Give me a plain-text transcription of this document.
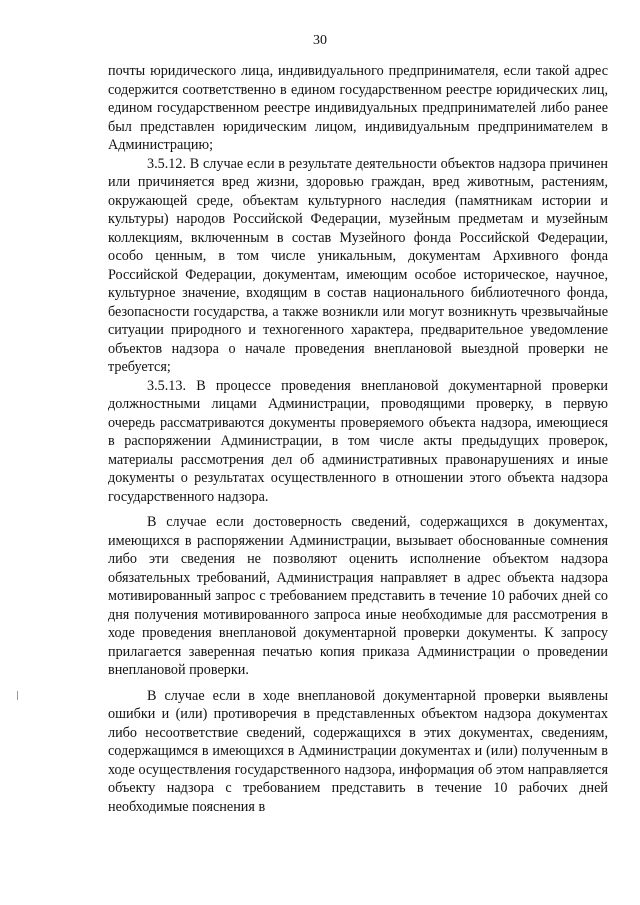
30

почты юридического лица, индивидуального предпринимателя, если такой адрес содержится соответственно в едином государственном реестре юридических лиц, едином государственном реестре индивидуальных предпринимателей либо ранее был представлен юридическим лицом, индивидуальным предпринимателем в Администрацию;

3.5.12. В случае если в результате деятельности объектов надзора причинен или причиняется вред жизни, здоровью граждан, вред животным, растениям, окружающей среде, объектам культурного наследия (памятникам истории и культуры) народов Российской Федерации, музейным предметам и музейным коллекциям, включенным в состав Музейного фонда Российской Федерации, особо ценным, в том числе уникальным, документам Архивного фонда Российской Федерации, документам, имеющим особое историческое, научное, культурное значение, входящим в состав национального библиотечного фонда, безопасности государства, а также возникли или могут возникнуть чрезвычайные ситуации природного и техногенного характера, предварительное уведомление объектов надзора о начале проведения внеплановой выездной проверки не требуется;

3.5.13. В процессе проведения внеплановой документарной проверки должностными лицами Администрации, проводящими проверку, в первую очередь рассматриваются документы проверяемого объекта надзора, имеющиеся в распоряжении Администрации, в том числе акты предыдущих проверок, материалы рассмотрения дел об административных правонарушениях и иные документы о результатах осуществленного в отношении этого объекта надзора государственного надзора.

В случае если достоверность сведений, содержащихся в документах, имеющихся в распоряжении Администрации, вызывает обоснованные сомнения либо эти сведения не позволяют оценить исполнение объектом надзора обязательных требований, Администрация направляет в адрес объекта надзора мотивированный запрос с требованием представить в течение 10 рабочих дней со дня получения мотивированного запроса иные необходимые для рассмотрения в ходе проведения внеплановой документарной проверки документы. К запросу прилагается заверенная печатью копия приказа Администрации о проведении внеплановой проверки.

В случае если в ходе внеплановой документарной проверки выявлены ошибки и (или) противоречия в представленных объектом надзора документах либо несоответствие сведений, содержащихся в этих документах, сведениям, содержащимся в имеющихся в Администрации документах и (или) полученным в ходе осуществления государственного надзора, информация об этом направляется объекту надзора с требованием представить в течение 10 рабочих дней необходимые пояснения в
